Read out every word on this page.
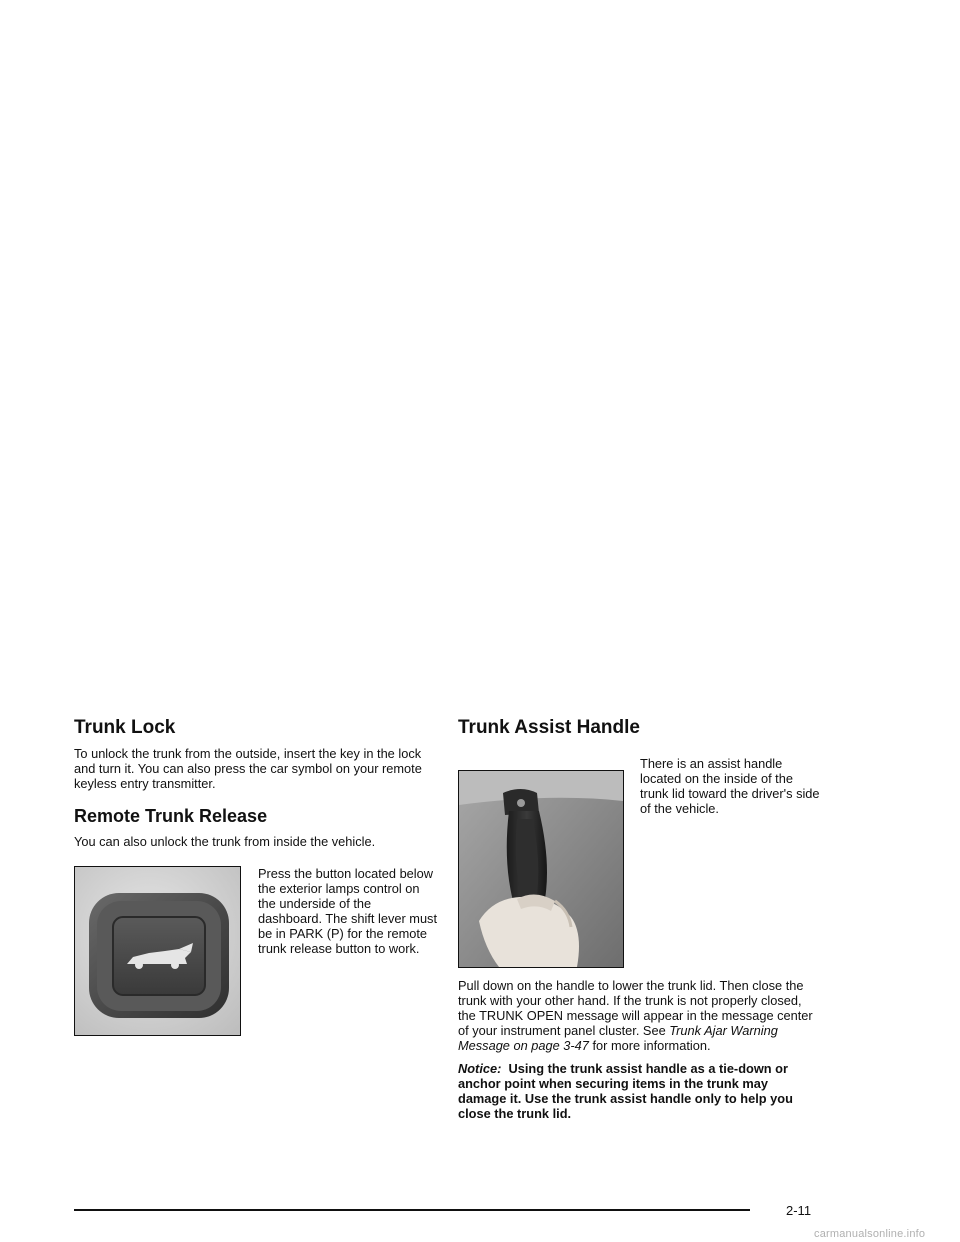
Trunk Lock

To unlock the trunk from the outside, insert the key in the lock and turn it. You can also press the car symbol on your remote keyless entry transmitter.

Remote Trunk Release

You can also unlock the trunk from inside the vehicle.

Press the button located below the exterior lamps control on the underside of the dashboard. The shift lever must be in PARK (P) for the remote trunk release button to work.

Trunk Assist Handle

There is an assist handle located on the inside of the trunk lid toward the driver's side of the vehicle.

Pull down on the handle to lower the trunk lid. Then close the trunk with your other hand. If the trunk is not properly closed, the TRUNK OPEN message will appear in the message center of your instrument panel cluster. See Trunk Ajar Warning Message on page 3-47 for more information.

Notice: Using the trunk assist handle as a tie-down or anchor point when securing items in the trunk may damage it. Use the trunk assist handle only to help you close the trunk lid.

2-11
carmanualsonline.info
